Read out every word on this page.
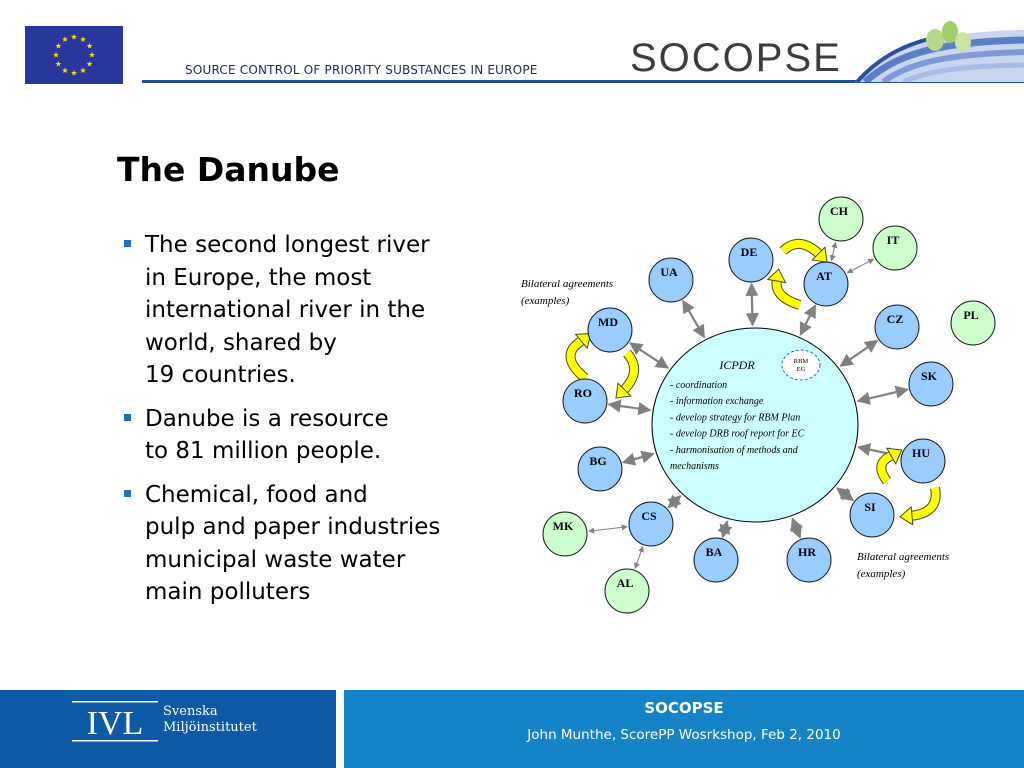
SOURCE CONTROL OF PRIORITY SUBSTANCES IN EUROPE SOCOPSE
The Danube
The second longest river
in Europe, the most
international river in the
world, shared by
19 countries.
Danube is a resource
to 81 million people.
Chemical, food and
pulp and paper industries
municipal waste water
main polluters
ICPDR	RBM
EG
- coordination
- information exchange
- develop strategy for RBM Plan
- develop DRB roof report for EC
- harmonisation of methods and
mechanisms
DE
UA	AT
CZ
SK
HU
SI
HR
BA
CS
BG
RO
MD
CH
IT
PL
MK
AL
Bilateral agreements
(examples)
Bilateral agreements
(examples)
IVL Svenska
Miljöinstitutet
SOCOPSE
John Munthe, ScorePP Wosrkshop, Feb 2, 2010
